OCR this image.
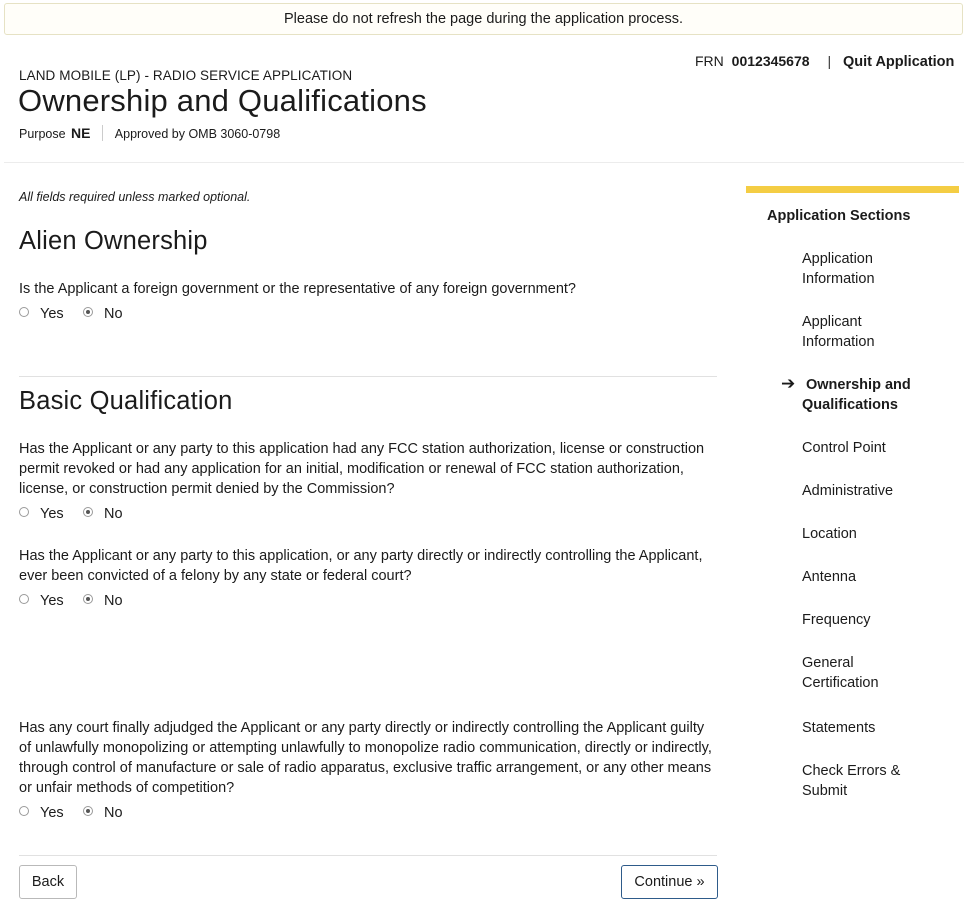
Please do not refresh the page during the application process.
FRN 0012345678 | Quit Application
LAND MOBILE (LP) - RADIO SERVICE APPLICATION
Ownership and Qualifications
Purpose NE Approved by OMB 3060-0798
All fields required unless marked optional.
Alien Ownership
Is the Applicant a foreign government or the representative of any foreign government?
Yes	No
Basic Qualification
Has the Applicant or any party to this application had any FCC station authorization, license or construction permit revoked or had any application for an initial, modification or renewal of FCC station authorization, license, or construction permit denied by the Commission?
Yes	No
Has the Applicant or any party to this application, or any party directly or indirectly controlling the Applicant, ever been convicted of a felony by any state or federal court?
Yes	No
Has any court finally adjudged the Applicant or any party directly or indirectly controlling the Applicant guilty of unlawfully monopolizing or attempting unlawfully to monopolize radio communication, directly or indirectly, through control of manufacture or sale of radio apparatus, exclusive traffic arrangement, or any other means or unfair methods of competition?
Yes	No
Back	Continue »
Application Sections
Application
Information
Applicant
Information
➔ Ownership and
Qualifications
Control Point
Administrative
Location
Antenna
Frequency
General
Certification
Statements
Check Errors &
Submit
